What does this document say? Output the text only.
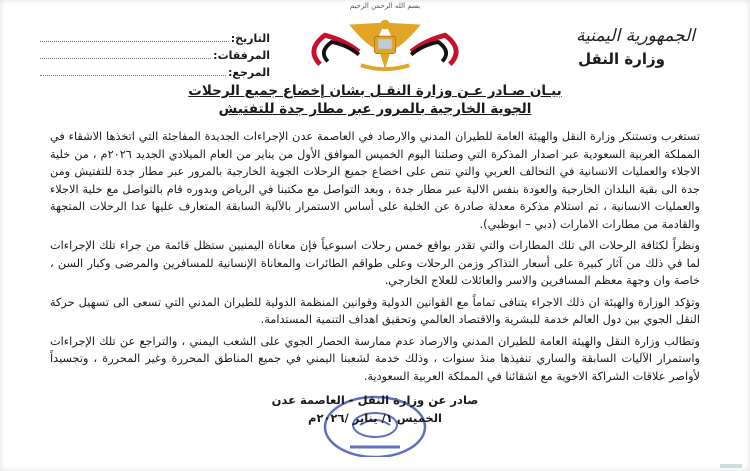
الجمهورية اليمنية
وزارة النقل
بسم الله الرحمن الرحيم
التاريخ:
المرفقات:
المرجع:
بيـان صـادر عـن وزارة النقـل بشان إخضاع جميع الرحلات
الجوية الخارجية بالمرور عبر مطار جدة للتفتيش

تستغرب وتستنكر وزارة النقل والهيئة العامة للطيران المدني والارصاد في العاصمة عدن الإجراءات الجديدة المفاجئة التي اتخذها الاشقاء في المملكة العربية السعودية عبر اصدار المذكرة التي وصلتنا اليوم الخميس الموافق الأول من يناير من العام الميلادي الجديد ٢٠٢٦م ، من خلية الاجلاء والعمليات الانسانية في التحالف العربي والتي تنص على اخضاع جميع الرحلات الجوية الخارجية بالمرور عبر مطار جدة للتفتيش ومن جدة الى بقية البلدان الخارجية والعودة بنفس الالية عبر مطار جدة ، وبعد التواصل مع مكتبنا في الرياض وبدوره قام بالتواصل مع خلية الاجلاء والعمليات الانسانية ، تم استلام مذكرة معدلة صادرة عن الخلية على أساس الاستمرار بالآلية السابقة المتعارف عليها عدا الرحلات المتجهة والقادمة من مطارات الامارات (دبي – ابوظبي).

ونظراً لكثافة الرحلات الى تلك المطارات والتي تقدر بواقع خمس رحلات اسبوعياً فإن معاناة اليمنيين ستظل قائمة من جراء تلك الإجراءات لما في ذلك من آثار كبيرة على أسعار التذاكر وزمن الرحلات وعلى طواقم الطائرات والمعاناة الإنسانية للمسافرين والمرضى وكبار السن ، خاصة وان وجهة معظم المسافرين والاسر والعائلات للعلاج الخارجي.

وتؤكد الوزارة والهيئة ان ذلك الاجراء يتنافى تماماً مع القوانين الدولية وقوانين المنظمة الدولية للطيران المدني التي تسعى الى تسهيل حركة النقل الجوي بين دول العالم خدمة للبشرية والاقتصاد العالمي وتحقيق اهداف التنمية المستدامة.

وتطالب وزارة النقل والهيئة العامة للطيران المدني والارصاد عدم ممارسة الحصار الجوي على الشعب اليمني ، والتراجع عن تلك الإجراءات واستمرار الآليات السابقة والساري تنفيذها منذ سنوات ، وذلك خدمة لشعبنا اليمني في جميع المناطق المحررة وغير المحررة ، وتجسيداً لأواصر علاقات الشراكة الاخوية مع اشقائنا في المملكة العربية السعودية.

صادر عن وزارة النقل - العاصمة عدن
الخميس ١/ يناير /٢٠٢٦م
